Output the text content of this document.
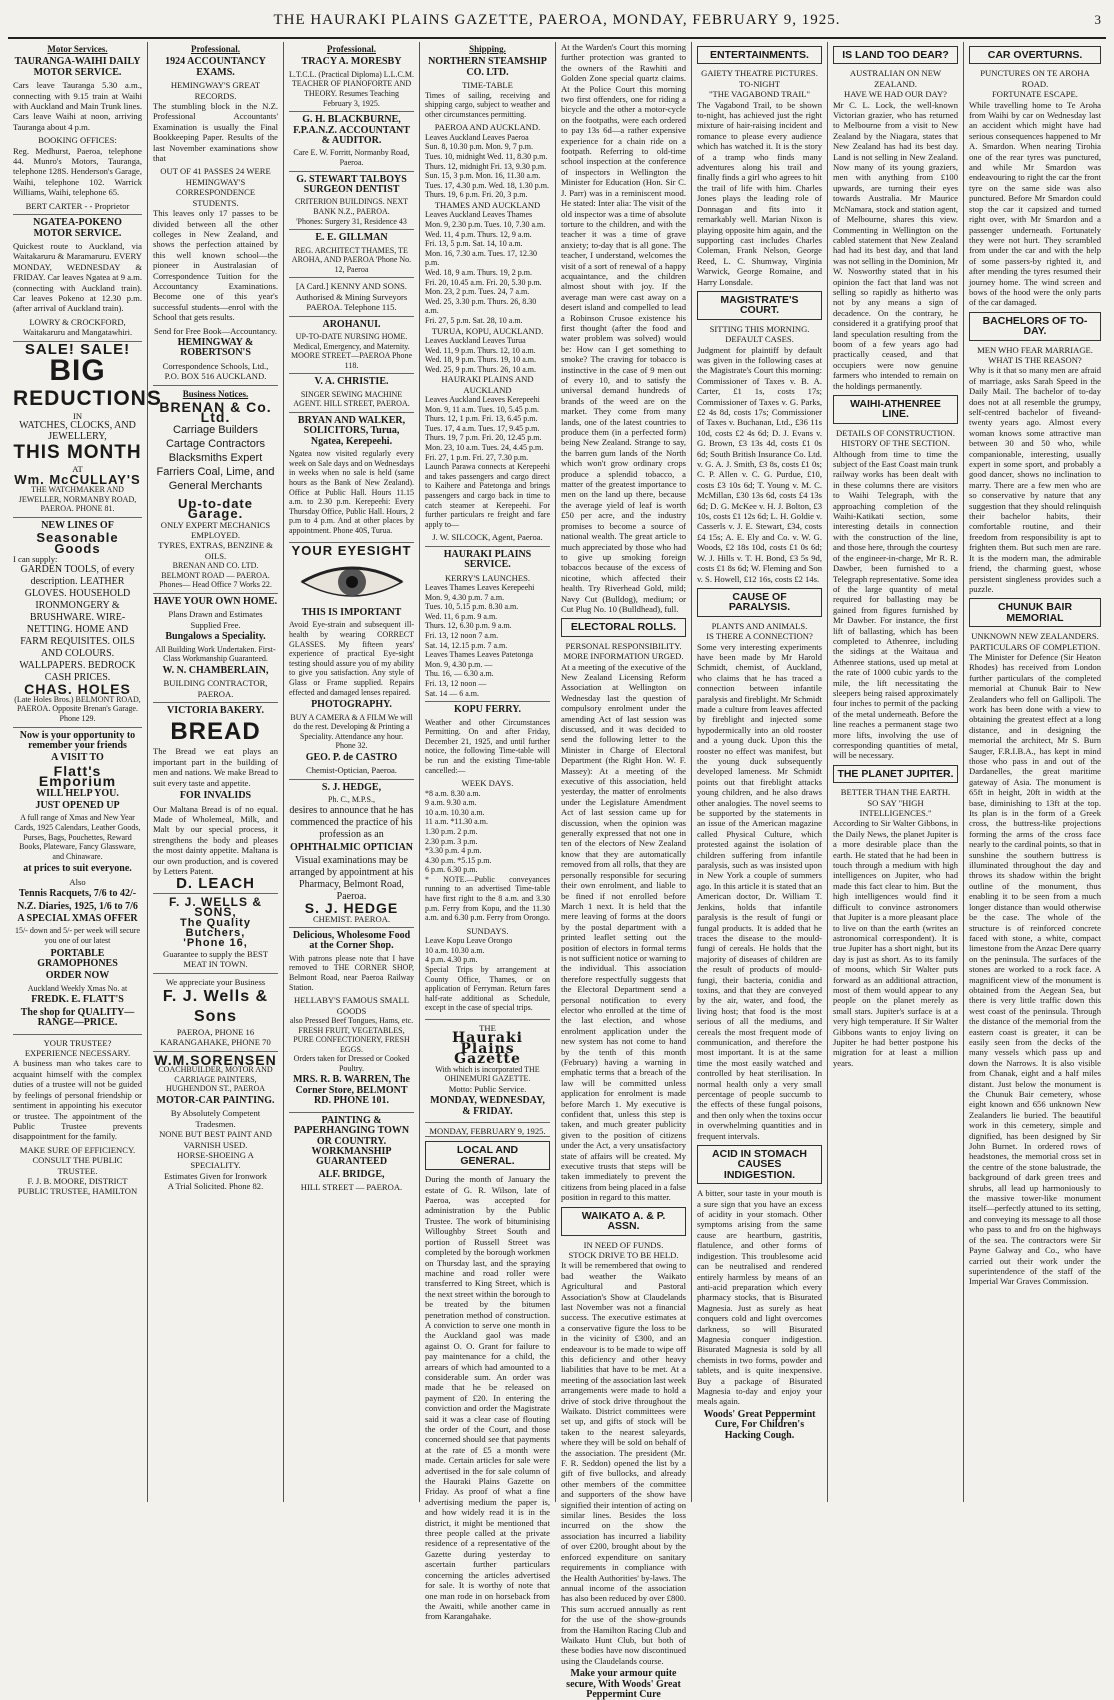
THE HAURAKI PLAINS GAZETTE, PAEROA, MONDAY, FEBRUARY 9, 1925.	3
Motor Services.
TAURANGA-WAIHI DAILY MOTOR SERVICE.

Cars leave Tauranga 5.30 a.m., connecting with 9.15 train at Waihi with Auckland and Main Trunk lines. Cars leave Waihi at noon, arriving Tauranga about 4 p.m.

BOOKING OFFICES:

Reg. Medhurst, Paeroa, telephone 44. Munro's Motors, Tauranga, telephone 128S. Henderson's Garage, Waihi, telephone 102. Warrick Williams, Waihi, telephone 65.

BERT CARTER - - Proprietor
NGATEA-POKENO MOTOR SERVICE.

Quickest route to Auckland, via Waitakaruru & Maramaruru. EVERY MONDAY, WEDNESDAY & FRIDAY. Car leaves Ngatea at 9 a.m. (connecting with Auckland train). Car leaves Pokeno at 12.30 p.m. (after arrival of Auckland train).

LOWRY & CROCKFORD, Waitakaruru and Mangatawhiri.
SALE! SALE!
BIG
REDUCTIONS
IN
WATCHES, CLOCKS, AND JEWELLERY,
THIS MONTH
AT
Wm. McCULLAY'S
THE WATCHMAKER AND JEWELLER, NORMANBY ROAD, PAEROA. PHONE 81.
NEW LINES OF
Seasonable Goods
I can supply:
GARDEN TOOLS, of every description. LEATHER GLOVES. HOUSEHOLD IRONMONGERY & BRUSHWARE. WIRE-NETTING. HOME AND FARM REQUISITES. OILS AND COLOURS. WALLPAPERS. BEDROCK CASH PRICES.
CHAS. HOLES
(Late Holes Bros.) BELMONT ROAD, PAEROA. Opposite Brenan's Garage. Phone 129.
Now is your opportunity to remember your friends
A VISIT TO
Flatt's Emporium
WILL HELP YOU.
JUST OPENED UP

A full range of Xmas and New Year Cards, 1925 Calendars, Leather Goods, Purses, Bags, Pouchettes, Reward Books, Plateware, Fancy Glassware, and Chinaware.

at prices to suit everyone.
Also
Tennis Racquets, 7/6 to 42/-
N.Z. Diaries, 1925, 1/6 to 7/6
A SPECIAL XMAS OFFER

15/- down and 5/- per week will secure you one of our latest

PORTABLE GRAMOPHONES
ORDER NOW
Auckland Weekly Xmas No. at
FREDK. E. FLATT'S
The shop for QUALITY—RANGE—PRICE.
YOUR TRUSTEE?
EXPERIENCE NECESSARY.

A business man who takes care to acquaint himself with the complex duties of a trustee will not be guided by feelings of personal friendship or sentiment in appointing his executor or trustee. The appointment of the Public Trustee prevents disappointment for the family.

MAKE SURE OF EFFICIENCY.
CONSULT THE PUBLIC TRUSTEE.
F. J. B. MOORE, DISTRICT PUBLIC TRUSTEE, HAMILTON
Professional.
1924 ACCOUNTANCY EXAMS.
HEMINGWAY'S GREAT RECORDS.

The stumbling block in the N.Z. Professional Accountants' Examination is usually the Final Bookkeeping Paper. Results of the last November examinations show that

OUT OF 41 PASSES 24 WERE HEMINGWAY'S CORRESPONDENCE STUDENTS.

This leaves only 17 passes to be divided between all the other colleges in New Zealand, and shows the perfection attained by this well known school—the pioneer in Australasian of Correspondence Tuition for the Accountancy Examinations. Become one of this year's successful students—enrol with the School that gets results.

Send for Free Book—Accountancy.
HEMINGWAY & ROBERTSON'S
Correspondence Schools, Ltd.,
P.O. BOX 516 AUCKLAND.
Business Notices.
BRENAN & Co. Ltd.
Carriage Builders Cartage Contractors Blacksmiths Expert Farriers Coal, Lime, and General Merchants
Up-to-date Garage.
ONLY EXPERT MECHANICS EMPLOYED.
TYRES, EXTRAS, BENZINE & OILS.
BRENAN AND CO. LTD. BELMONT ROAD — PAEROA. Phones— Head Office 7 Works 22.
HAVE YOUR OWN HOME.
Plans Drawn and Estimates Supplied Free.
Bungalows a Speciality.
All Building Work Undertaken. First-Class Workmanship Guaranteed.
W. N. CHAMBERLAIN,
BUILDING CONTRACTOR, PAEROA.
VICTORIA BAKERY.
BREAD

The Bread we eat plays an important part in the building of men and nations. We make Bread to suit every taste and appetite.

FOR INVALIDS

Our Maltana Bread is of no equal. Made of Wholemeal, Milk, and Malt by our special process, it strengthens the body and pleases the most dainty appetite. Maltana is our own production, and is covered by Letters Patent.

D. LEACH
F. J. WELLS & SONS,
The Quality Butchers,
'Phone 16,
Guarantee to supply the BEST MEAT IN TOWN.
We appreciate your Business
F. J. Wells & Sons
PAEROA, PHONE 16 KARANGAHAKE, PHONE 70
W.M.SORENSEN
COACHBUILDER, MOTOR AND CARRIAGE PAINTERS, HUGHENDON ST., PAEROA
MOTOR-CAR PAINTING.
By Absolutely Competent Tradesmen.
NONE BUT BEST PAINT AND VARNISH USED.
HORSE-SHOEING A SPECIALITY.
Estimates Given for Ironwork
A Trial Solicited. Phone 82.
Professional.
TRACY A. MORESBY
L.T.C.L. (Practical Diploma) L.L.C.M. TEACHER OF PIANOFORTE AND THEORY. Resumes Teaching February 3, 1925.
G. H. BLACKBURNE, F.P.A.N.Z. ACCOUNTANT & AUDITOR.
Care E. W. Forritt, Normanby Road, Paeroa.
G. STEWART TALBOYS SURGEON DENTIST
CRITERION BUILDINGS. NEXT BANK N.Z., PAEROA.
'Phones: Surgery 31, Residence 43
E. E. GILLMAN
REG. ARCHITECT THAMES, TE AROHA, AND PAEROA 'Phone No. 12, Paeroa
[A Card.] KENNY AND SONS. Authorised & Mining Surveyors PAEROA. Telephone 115.
AROHANUI.
UP-TO-DATE NURSING HOME. Medical, Emergency, and Maternity. MOORE STREET—PAEROA Phone 118.
V. A. CHRISTIE.
SINGER SEWING MACHINE AGENT. HILL STREET, PAEROA.
BRYAN AND WALKER, SOLICITORS, Turua, Ngatea, Kerepeehi.

Ngatea now visited regularly every week on Sale days and on Wednesdays in weeks when no sale is held (same hours as the Bank of New Zealand). Office at Public Hall. Hours 11.15 a.m. to 2.30 p.m. Kerepeehi: Every Thursday Office, Public Hall. Hours, 2 p.m to 4 p.m. And at other places by appointment. Phone 40S, Turua.

YOUR EYESIGHT
THIS IS IMPORTANT

Avoid Eye-strain and subsequent ill-health by wearing CORRECT GLASSES. My fifteen years' experience of practical Eye-sight testing should assure you of my ability to give you satisfaction. Any style of Glass or Frame supplied. Repairs effected and damaged lenses repaired.

PHOTOGRAPHY.
BUY A CAMERA & A FILM We will do the rest. Developing & Printing a Speciality. Attendance any hour. Phone 32.
GEO. P. de CASTRO
Chemist-Optician, Paeroa.
S. J. HEDGE,
Ph. C., M.P.S.,
desires to announce that he has commenced the practice of his profession as an
OPHTHALMIC OPTICIAN
Visual examinations may be arranged by appointment at his Pharmacy, Belmont Road, Paeroa.
S. J. HEDGE
CHEMIST. PAEROA.
Delicious, Wholesome Food at the Corner Shop.

With patrons please note that I have removed to THE CORNER SHOP, Belmont Road, near Paeroa Railway Station.

HELLABY'S FAMOUS SMALL GOODS
also Pressed Beef Tongues, Hams, etc.
FRESH FRUIT, VEGETABLES, PURE CONFECTIONERY, FRESH EGGS.
Orders taken for Dressed or Cooked Poultry.
MRS. R. B. WARREN, The Corner Store, BELMONT RD. PHONE 101.
PAINTING & PAPERHANGING TOWN OR COUNTRY. WORKMANSHIP GUARANTEED
ALF. BRIDGE,
HILL STREET — PAEROA.
Shipping.
NORTHERN STEAMSHIP CO. LTD.
TIME-TABLE

Times of sailing, receiving and shipping cargo, subject to weather and other circumstances permitting.

PAEROA AND AUCKLAND.
Leaves Auckland Leaves Paeroa
Sun. 8, 10.30 p.m. Mon. 9, 7 p.m.
Tues. 10, midnight Wed. 11, 8.30 p.m.
Thurs. 12, midnight Fri. 13, 9.30 p.m.
Sun. 15, 3 p.m. Mon. 16, 11.30 a.m.
Tues. 17, 4.30 p.m. Wed. 18, 1.30 p.m.
Thurs. 19, 6 p.m. Fri. 20, 3 p.m.
THAMES AND AUCKLAND
Leaves Auckland Leaves Thames
Mon. 9, 2.30 p.m. Tues. 10, 7.30 a.m.
Wed. 11, 4 p.m. Thurs. 12, 9 a.m.
Fri. 13, 5 p.m. Sat. 14, 10 a.m.
Mon. 16, 7.30 a.m. Tues. 17, 12.30 p.m.
Wed. 18, 9 a.m. Thurs. 19, 2 p.m.
Fri. 20, 10.45 a.m. Fri. 20, 5.30 p.m.
Mon. 23, 2 p.m. Tues. 24, 7 a.m.
Wed. 25, 3.30 p.m. Thurs. 26, 8.30 a.m.
Fri. 27, 5 p.m. Sat. 28, 10 a.m.
TURUA, KOPU, AUCKLAND.
Leaves Auckland Leaves Turua
Wed. 11, 9 p.m. Thurs. 12, 10 a.m.
Wed. 18, 9 p.m. Thurs. 19, 10 a.m.
Wed. 25, 9 p.m. Thurs. 26, 10 a.m.
HAURAKI PLAINS AND AUCKLAND
Leaves Auckland Leaves Kerepeehi
Mon. 9, 11 a.m. Tues. 10, 5.45 p.m.
Thurs. 12, 1 p.m. Fri. 13, 6.45 p.m.
Tues. 17, 4 a.m. Tues. 17, 9.45 p.m.
Thurs. 19, 7 p.m. Fri. 20, 12.45 p.m.
Mon. 23, 10 a.m. Tues. 24, 4.45 p.m.
Fri. 27, 1 p.m. Fri. 27, 7.30 p.m.

Launch Parawa connects at Kerepeehi and takes passengers and cargo direct to Kaihere and Patetonga and brings passengers and cargo back in time to catch steamer at Kerepeehi. For further particulars re freight and fare apply to—

J. W. SILCOCK, Agent, Paeroa.
HAURAKI PLAINS SERVICE.
KERRY'S LAUNCHES.
Leaves Thames Leaves Kerepeehi
Mon. 9, 4.30 p.m. 7 a.m.
Tues. 10, 5.15 p.m. 8.30 a.m.
Wed. 11, 6 p.m. 9 a.m.
Thurs. 12, 6.30 p.m. 9 a.m.
Fri. 13, 12 noon 7 a.m.
Sat. 14, 12.15 p.m. 7 a.m.
Leaves Thames Leaves Patetonga
Mon. 9, 4.30 p.m. —
Thu. 16, — 6.30 a.m.
Fri. 13, 12 noon —
Sat. 14 — 6 a.m.
KOPU FERRY.

Weather and other Circumstances Permitting. On and after Friday, December 21, 1925, and until further notice, the following Time-table will be run and the existing Time-table cancelled:—

WEEK DAYS.
*8 a.m. 8.30 a.m.
9 a.m. 9.30 a.m.
10 a.m. 10.30 a.m.
11 a.m. *11.30 a.m.
1.30 p.m. 2 p.m.
2.30 p.m. 3 p.m.
*3.30 p.m. 4 p.m.
4.30 p.m. *5.15 p.m.
6 p.m. 6.30 p.m.

* NOTE.—Public conveyances running to an advertised Time-table have first right to the 8 a.m. and 3.30 p.m. Ferry from Kopu, and the 11.30 a.m. and 6.30 p.m. Ferry from Orongo.

SUNDAYS.
Leave Kopu Leave Orongo
10 a.m. 10.30 a.m.
4 p.m. 4.30 p.m.

Special Trips by arrangement at County Office, Thames, or on application of Ferryman. Return fares half-rate additional as Schedule, except in the case of special trips.

THE
Hauraki Plains Gazette
With which is incorporated THE OHINEMURI GAZETTE.
Motto: Public Service.
MONDAY, WEDNESDAY, & FRIDAY.
MONDAY, FEBRUARY 9, 1925.
LOCAL AND GENERAL.

During the month of January the estate of G. R. Wilson, late of Paeroa, was accepted for administration by the Public Trustee. The work of bituminising Willoughby Street South and portion of Russell Street was completed by the borough workmen on Thursday last, and the spraying machine and road roller were transferred to King Street, which is the next street within the borough to be treated by the bitumen penetration method of construction. A conviction to serve one month in the Auckland gaol was made against O. O. Grant for failure to pay maintenance for a child, the arrears of which had amounted to a considerable sum. An order was made that he be released on payment of £20. In entering the conviction and order the Magistrate said it was a clear case of flouting the order of the Court, and those concerned should see that payments at the rate of £5 a month were made. Certain articles for sale were advertised in the for sale column of the Hauraki Plains Gazette on Friday. As proof of what a fine advertising medium the paper is, and how widely read it is in the district, it might be mentioned that three people called at the private residence of a representative of the Gazette during yesterday to ascertain further particulars concerning the articles advertised for sale. It is worthy of note that one man rode in on horseback from the Awaiti, while another came in from Karangahake.

At the Warden's Court this morning further protection was granted to the owners of the Rawhiti and Golden Zone special quartz claims. At the Police Court this morning two first offenders, one for riding a bicycle and the other a motor-cycle on the footpaths, were each ordered to pay 13s 6d—a rather expensive experience for a chain ride on a footpath. Referring to old-time school inspection at the conference of inspectors in Wellington the Minister for Education (Hon. Sir C. J. Parr) was in a reminiscent mood. He stated: Inter alia: The visit of the old inspector was a time of absolute torture to the children, and with the teacher it was a time of grave anxiety; to-day that is all gone. The teacher, I understand, welcomes the visit of a sort of renewal of a happy acquaintance, and the children almost shout with joy. If the average man were cast away on a desert island and compelled to lead a Robinson Crusoe existence his first thought (after the food and water problem was solved) would be: How can I get something to smoke? The craving for tobacco is instinctive in the case of 9 men out of every 10, and to satisfy the universal demand hundreds of brands of the weed are on the market. They come from many lands, one of the latest countries to produce them (in a perfected form) being New Zealand. Strange to say, the barren gum lands of the North which won't grow ordinary crops produce a splendid tobacco, a matter of the greatest importance to men on the land up there, because the average yield of leaf is worth £50 per acre, and the industry promises to become a source of national wealth. The great article to much appreciated by those who had to give up smoking foreign tobaccos because of the excess of nicotine, which affected their health. Try Riverhead Gold, mild; Navy Cut (Bulldog), medium; or Cut Plug No. 10 (Bulldhead), full.

ELECTORAL ROLLS.
PERSONAL RESPONSIBILITY.
MORE INFORMATION URGED.

At a meeting of the executive of the New Zealand Licensing Reform Association at Wellington on Wednesday last the question of compulsory enrolment under the amending Act of last session was discussed, and it was decided to send the following letter to the Minister in Charge of Electoral Department (the Right Hon. W. F. Massey): At a meeting of the executive of this association, held yesterday, the matter of enrolments under the Legislature Amendment Act of last session came up for discussion, when the opinion was generally expressed that not one in ten of the electors of New Zealand know that they are automatically removed from all rolls, that they are personally responsible for securing their own enrolment, and liable to be fined if not enrolled before March 1 next. It is held that the mere leaving of forms at the doors by the postal department with a printed leaflet setting out the position of electors in formal terms is not sufficient notice or warning to the individual. This association therefore respectfully suggests that the Electoral Department send a personal notification to every elector who enrolled at the time of the last election, and whose enrolment application under the new system has not come to hand by the tenth of this month (February) having a warning in emphatic terms that a breach of the law will be committed unless application for enrolment is made before March 1. My executive is confident that, unless this step is taken, and much greater publicity given to the position of citizens under the Act, a very unsatisfactory state of affairs will be created. My executive trusts that steps will be taken immediately to prevent the citizens from being placed in a false position in regard to this matter.

WAIKATO A. & P. ASSN.
IN NEED OF FUNDS.
STOCK DRIVE TO BE HELD.

It will be remembered that owing to bad weather the Waikato Agricultural and Pastoral Association's Show at Claudelands last November was not a financial success. The executive estimates at a conservative figure the loss to be in the vicinity of £300, and an endeavour is to be made to wipe off this deficiency and other heavy liabilities that have to be met. At a meeting of the association last week arrangements were made to hold a drive of stock drive throughout the Waikato. District committees were set up, and gifts of stock will be taken to the nearest saleyards, where they will be sold on behalf of the association. The president (Mr. F. R. Seddon) opened the list by a gift of five bullocks, and already other members of the committee and supporters of the show have signified their intention of acting on similar lines. Besides the loss incurred on the show the association has incurred a liability of over £200, brought about by the enforced expenditure on sanitary requirements in compliance with the Health Authorities' by-laws. The annual income of the association has also been reduced by over £800. This sum accrued annually as rent for the use of the show-grounds from the Hamilton Racing Club and Waikato Hunt Club, but both of these bodies have now discontinued using the Claudelands course.

Make your armour quite secure, With Woods' Great Peppermint Cure
ENTERTAINMENTS.
GAIETY THEATRE PICTURES.
TO-NIGHT
"THE VAGABOND TRAIL"

The Vagabond Trail, to be shown to-night, has achieved just the right mixture of hair-raising incident and romance to please every audience which has watched it. It is the story of a tramp who finds many adventures along his trail and finally finds a girl who agrees to hit the trail of life with him. Charles Jones plays the leading role of Donnagan and fits into it remarkably well. Marian Nixon is playing opposite him again, and the supporting cast includes Charles Coleman, Frank Nelson, George Reed, L. C. Shumway, Virginia Warwick, George Romaine, and Harry Lonsdale.

MAGISTRATE'S COURT.
SITTING THIS MORNING.
DEFAULT CASES.

Judgment for plaintiff by default was given in the following cases at the Magistrate's Court this morning: Commissioner of Taxes v. B. A. Carter, £1 1s, costs 17s; Commissioner of Taxes v. G. Parks, £2 4s 8d, costs 17s; Commissioner of Taxes v. Buchanan, Ltd., £36 11s 10d, costs £2 4s 6d; D. J. Evans v. G. Brown, £3 13s 4d, costs £1 0s 6d; South British Insurance Co. Ltd. v. G. A. J. Smith, £3 8s, costs £1 0s; C. P. Allen v. C. G. Purdue, £10, costs £3 10s 6d; T. Young v. M. C. McMillan, £30 13s 6d, costs £4 13s 6d; D. G. McKee v. H. J. Bolton, £3 10s, costs £1 12s 6d; L. H. Goldie v. Casserls v. J. E. Stewart, £34, costs £4 15s; A. E. Ely and Co. v. W. G. Woods, £2 18s 10d, costs £1 0s 6d; W. J. Hills v. T. H. Bond, £3 5s 9d, costs £1 8s 6d; W. Fleming and Son v. S. Howell, £12 16s, costs £2 14s.

CAUSE OF PARALYSIS.
PLANTS AND ANIMALS.
IS THERE A CONNECTION?

Some very interesting experiments have been made by Mr Harold Schmidt, chemist, of Auckland, who claims that he has traced a connection between infantile paralysis and fireblight. Mr Schmidt made a culture from leaves affected by fireblight and injected some hypodermically into an old rooster and a young duck. Upon this the rooster no effect was manifest, but the young duck subsequently developed lameness. Mr Schmidt points out that fireblight attacks young children, and he also draws other analogies. The novel seems to be supported by the statements in an issue of the American magazine called Physical Culture, which protested against the isolation of children suffering from infantile paralysis, such as was insisted upon in New York a couple of summers ago. In this article it is stated that an American doctor, Dr. William T. Jenkins, holds that infantile paralysis is the result of fungi or fungal products. It is added that he traces the disease to the mould-fungi of cereals. He holds that the majority of diseases of children are the result of products of mould-fungi, their bacteria, conidia and toxins, and that they are conveyed by the air, water, and food, the living host; that food is the most serious of all the mediums, and cereals the most frequent mode of communication, and therefore the most important. It is at the same time the most easily watched and controlled by heat sterilisation. In normal health only a very small percentage of people succumb to the effects of these fungal poisons, and then only when the toxins occur in overwhelming quantities and in frequent intervals.

ACID IN STOMACH CAUSES INDIGESTION.

A bitter, sour taste in your mouth is a sure sign that you have an excess of acidity in your stomach. Other symptoms arising from the same cause are heartburn, gastritis, flatulence, and other forms of indigestion. This troublesome acid can be neutralised and rendered entirely harmless by means of an anti-acid preparation which every pharmacy stocks, that is Bisurated Magnesia. Just as surely as heat conquers cold and light overcomes darkness, so will Bisurated Magnesia conquer indigestion. Bisurated Magnesia is sold by all chemists in two forms, powder and tablets, and is quite inexpensive. Buy a package of Bisurated Magnesia to-day and enjoy your meals again.

Woods' Great Peppermint Cure, For Children's Hacking Cough.
IS LAND TOO DEAR?
AUSTRALIAN ON NEW ZEALAND.
HAVE WE HAD OUR DAY?

Mr C. L. Lock, the well-known Victorian grazier, who has returned to Melbourne from a visit to New Zealand by the Niagara, states that New Zealand has had its best day. Land is not selling in New Zealand. Now many of its young graziers, men with anything from £100 upwards, are turning their eyes towards Australia. Mr Maurice McNamara, stock and station agent, of Melbourne, shares this view. Commenting in Wellington on the cabled statement that New Zealand had had its best day, and that land was not selling in the Dominion, Mr W. Nosworthy stated that in his opinion the fact that land was not selling so rapidly as hitherto was not by any means a sign of decadence. On the contrary, he considered it a gratifying proof that land speculation resulting from the boom of a few years ago had practically ceased, and that occupiers were now genuine farmers who intended to remain on the holdings permanently.

WAIHI-ATHENREE LINE.
DETAILS OF CONSTRUCTION.
HISTORY OF THE SECTION.

Although from time to time the subject of the East Coast main trunk railway works has been dealt with in these columns there are visitors to Waihi Telegraph, with the approaching completion of the Waihi-Katikati section, some interesting details in connection with the construction of the line, and those here, through the courtesy of the engineer-in-charge, Mr R. R. Dawber, been furnished to a Telegraph representative. Some idea of the large quantity of metal required for ballasting may be gained from figures furnished by Mr Dawber. For instance, the first lift of ballasting, which has been completed to Athenree, including the sidings at the Waitaua and Athenree stations, used up metal at the rate of 1000 cubic yards to the mile, the lift necessitating the sleepers being raised approximately four inches to permit of the packing of the metal underneath. Before the line reaches a permanent stage two more lifts, involving the use of corresponding quantities of metal, will be necessary.

THE PLANET JUPITER.
BETTER THAN THE EARTH.
SO SAY "HIGH INTELLIGENCES."

According to Sir Walter Gibbons, in the Daily News, the planet Jupiter is a more desirable place than the earth. He stated that he had been in touch through a medium with high intelligences on Jupiter, who had made this fact clear to him. But the high intelligences would find it difficult to convince astronomers that Jupiter is a more pleasant place to live on than the earth (writes an astronomical correspondent). It is true Jupiter has a short night, but its day is just as short. As to its family of moons, which Sir Walter puts forward as an additional attraction, most of them would appear to any people on the planet merely as small stars. Jupiter's surface is at a very high temperature. If Sir Walter Gibbons wants to enjoy living on Jupiter he had better postpone his migration for at least a million years.

CAR OVERTURNS.
PUNCTURES ON TE AROHA ROAD.
FORTUNATE ESCAPE.

While travelling home to Te Aroha from Waihi by car on Wednesday last an accident which might have had serious consequences happened to Mr A. Smardon. When nearing Tirohia one of the rear tyres was punctured, and while Mr Smardon was endeavouring to right the car the front tyre on the same side was also punctured. Before Mr Smardon could stop the car it capsized and turned right over, with Mr Smardon and a passenger underneath. Fortunately they were not hurt. They scrambled from under the car and with the help of some passers-by righted it, and after mending the tyres resumed their journey home. The wind screen and bows of the hood were the only parts of the car damaged.

BACHELORS OF TO-DAY.
MEN WHO FEAR MARRIAGE.
WHAT IS THE REASON?

Why is it that so many men are afraid of marriage, asks Sarah Speed in the Daily Mail. The bachelor of to-day does not at all resemble the grumpy, self-centred bachelor of fiveand-twenty years ago. Almost every woman knows some attractive man between 30 and 50 who, while companionable, interesting, usually expert in some sport, and probably a good dancer, shows no inclination to marry. There are a few men who are so conservative by nature that any suggestion that they should relinquish their bachelor habits, their comfortable routine, and their freedom from responsibility is apt to frighten them. But such men are rare. It is the modern man, the admirable friend, the charming guest, whose persistent singleness provides such a puzzle.

CHUNUK BAIR MEMORIAL
UNKNOWN NEW ZEALANDERS.
PARTICULARS OF COMPLETION.

The Minister for Defence (Sir Heaton Rhodes) has received from London further particulars of the completed memorial at Chunuk Bair to New Zealanders who fell on Gallipoli. The work has been done with a view to obtaining the greatest effect at a long distance, and in designing the memorial the architect, Mr S. Burn Sauger, F.R.I.B.A., has kept in mind those who pass in and out of the Dardanelles, the great maritime gateway of Asia. The monument is 65ft in height, 20ft in width at the base, diminishing to 13ft at the top. Its plan is in the form of a Greek cross, the buttress-like projections forming the arms of the cross face nearly to the cardinal points, so that in sunshine the southern buttress is illuminated throughout the day and throws its shadow within the bright outline of the monument, thus enabling it to be seen from a much longer distance than would otherwise be the case. The whole of the structure is of reinforced concrete faced with stone, a white, compact limestone from the Anzac Dere quarry on the peninsula. The surfaces of the stones are worked to a rock face. A magnificent view of the monument is obtained from the Aegean Sea, but there is very little traffic down this west coast of the peninsula. Through the distance of the memorial from the eastern coast is greater, it can be easily seen from the decks of the many vessels which pass up and down the Narrows. It is also visible from Chanak, eight and a half miles distant. Just below the monument is the Chunuk Bair cemetery, whose eight known and 656 unknown New Zealanders lie buried. The beautiful work in this cemetery, simple and dignified, has been designed by Sir John Burnet. In ordered rows of headstones, the memorial cross set in the centre of the stone balustrade, the background of dark green trees and shrubs, all lead up harmoniously to the massive tower-like monument itself—perfectly attuned to its setting, and conveying its message to all those who pass to and fro on the highways of the sea. The contractors were Sir Payne Galway and Co., who have carried out their work under the superintendence of the staff of the Imperial War Graves Commission.
